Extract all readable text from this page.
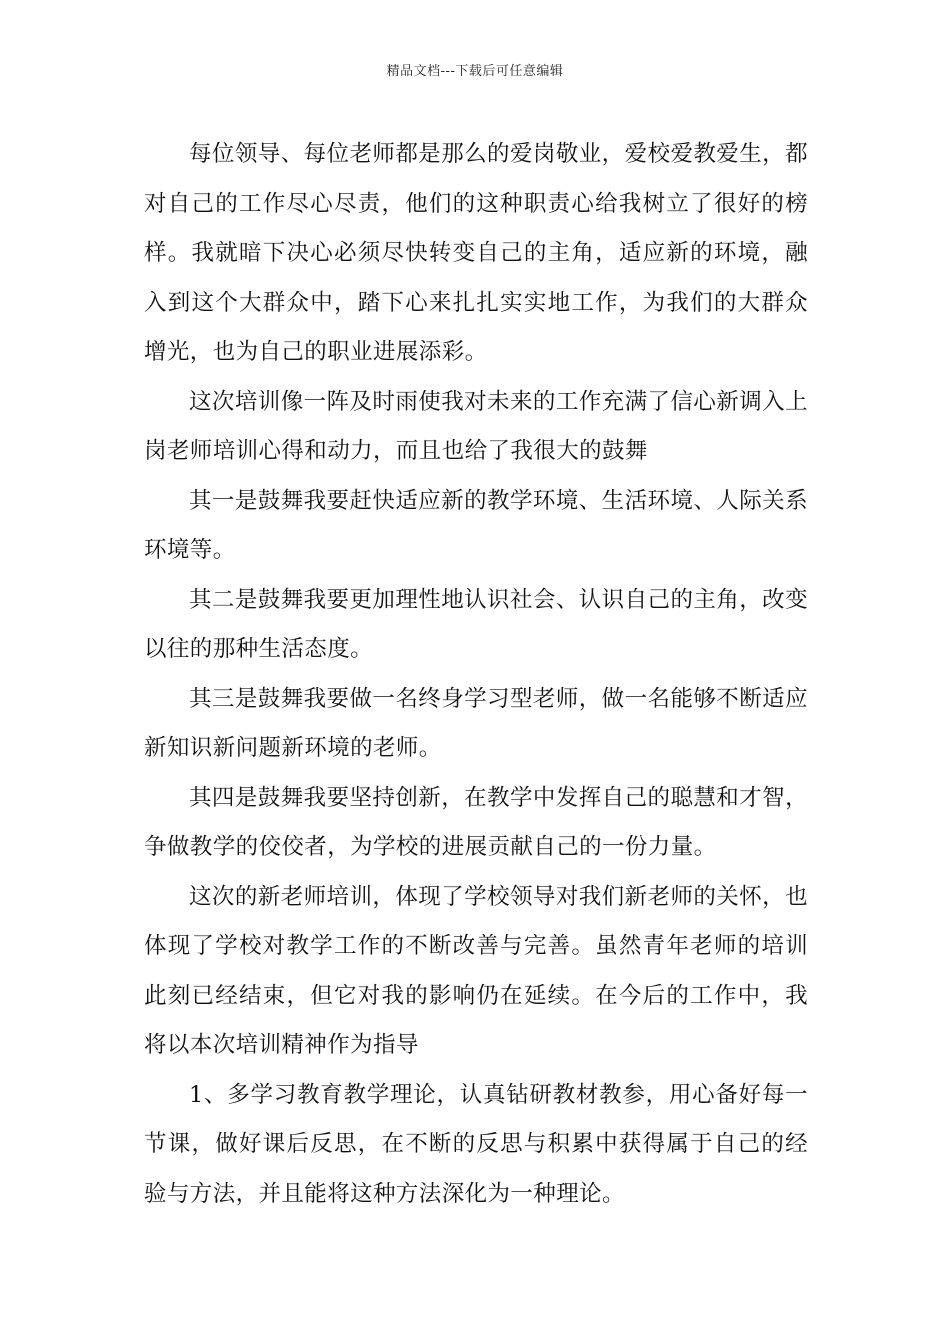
精品文档---下载后可任意编辑

每位领导、每位老师都是那么的爱岗敬业，爱校爱教爱生，都对自己的工作尽心尽责，他们的这种职责心给我树立了很好的榜样。我就暗下决心必须尽快转变自己的主角，适应新的环境，融入到这个大群众中，踏下心来扎扎实实地工作，为我们的大群众增光，也为自己的职业进展添彩。

这次培训像一阵及时雨使我对未来的工作充满了信心新调入上岗老师培训心得和动力，而且也给了我很大的鼓舞

其一是鼓舞我要赶快适应新的教学环境、生活环境、人际关系环境等。

其二是鼓舞我要更加理性地认识社会、认识自己的主角，改变以往的那种生活态度。

其三是鼓舞我要做一名终身学习型老师，做一名能够不断适应新知识新问题新环境的老师。

其四是鼓舞我要坚持创新，在教学中发挥自己的聪慧和才智，争做教学的佼佼者，为学校的进展贡献自己的一份力量。

这次的新老师培训，体现了学校领导对我们新老师的关怀，也体现了学校对教学工作的不断改善与完善。虽然青年老师的培训此刻已经结束，但它对我的影响仍在延续。在今后的工作中，我将以本次培训精神作为指导

1、多学习教育教学理论，认真钻研教材教参，用心备好每一节课，做好课后反思，在不断的反思与积累中获得属于自己的经验与方法，并且能将这种方法深化为一种理论。
